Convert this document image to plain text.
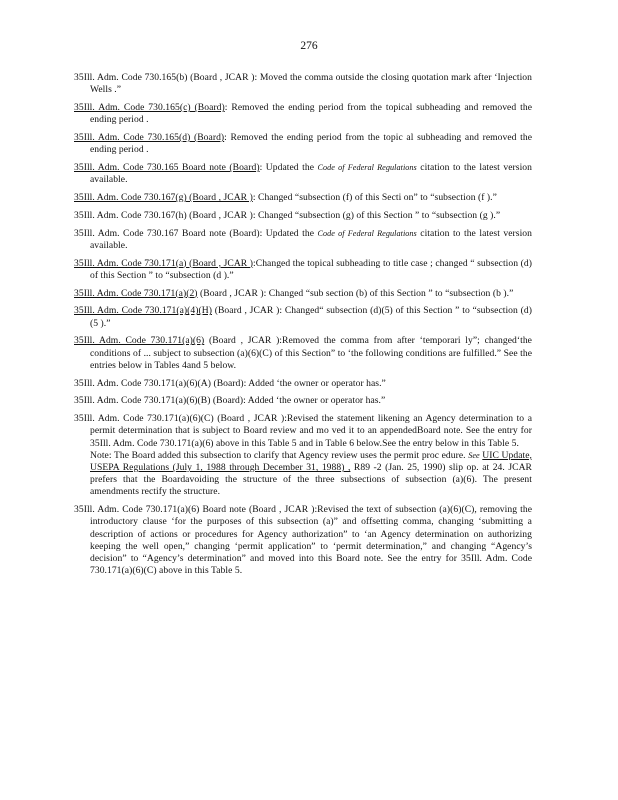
276

35Ill. Adm. Code 730.165(b) (Board , JCAR ): Moved the comma outside the closing quotation mark after ‘Injection Wells .”

35Ill. Adm. Code 730.165(c) (Board): Removed the ending period from the topical subheading and removed the ending period .

35Ill. Adm. Code 730.165(d) (Board): Removed the ending period from the topic al subheading and removed the ending period .

35Ill. Adm. Code 730.165 Board note (Board): Updated the Code of Federal Regulations citation to the latest version available.

35Ill. Adm. Code 730.167(g) (Board , JCAR ): Changed “subsection (f) of this Secti on” to “subsection (f ).”

35Ill. Adm. Code 730.167(h) (Board , JCAR ): Changed “subsection (g) of this Section ” to “subsection (g ).”

35Ill. Adm. Code 730.167 Board note (Board): Updated the Code of Federal Regulations citation to the latest version available.

35Ill. Adm. Code 730.171(a) (Board , JCAR ):Changed the topical subheading to title case ; changed “ subsection (d) of this Section ” to “subsection (d ).”

35Ill. Adm. Code 730.171(a)(2) (Board , JCAR ): Changed “sub section (b) of this Section ” to “subsection (b ).”

35Ill. Adm. Code 730.171(a)(4)(H) (Board , JCAR ): Changed“ subsection (d)(5) of this Section ” to “subsection (d)(5 ).”

35Ill. Adm. Code 730.171(a)(6) (Board , JCAR ):Removed the comma from after ‘temporari ly”; changed‘the conditions of ... subject to subsection (a)(6)(C) of this Section” to ‘the following conditions are fulfilled.” See the entries below in Tables 4and 5 below.

35Ill. Adm. Code 730.171(a)(6)(A) (Board): Added ‘the owner or operator has.”

35Ill. Adm. Code 730.171(a)(6)(B) (Board): Added ‘the owner or operator has.”

35Ill. Adm. Code 730.171(a)(6)(C) (Board , JCAR ):Revised the statement likening an Agency determination to a permit determination that is subject to Board review and mo ved it to an appendedBoard note. See the entry for 35Ill. Adm. Code 730.171(a)(6) above in this Table 5 and in Table 6 below.See the entry below in this Table 5.
Note: The Board added this subsection to clarify that Agency review uses the permit proc edure. See UIC Update, USEPA Regulations (July 1, 1988 through December 31, 1988) , R89 -2 (Jan. 25, 1990) slip op. at 24. JCAR prefers that the Boardavoiding the structure of the three subsections of subsection (a)(6). The present amendments rectify the structure.

35Ill. Adm. Code 730.171(a)(6) Board note (Board , JCAR ):Revised the text of subsection (a)(6)(C), removing the introductory clause ‘for the purposes of this subsection (a)” and offsetting comma, changing ‘submitting a description of actions or procedures for Agency authorization” to ‘an Agency determination on authorizing keeping the well open,” changing ‘permit application” to ‘permit determination,” and changing “Agency’s decision” to “Agency’s determination” and moved into this Board note. See the entry for 35Ill. Adm. Code 730.171(a)(6)(C) above in this Table 5.
